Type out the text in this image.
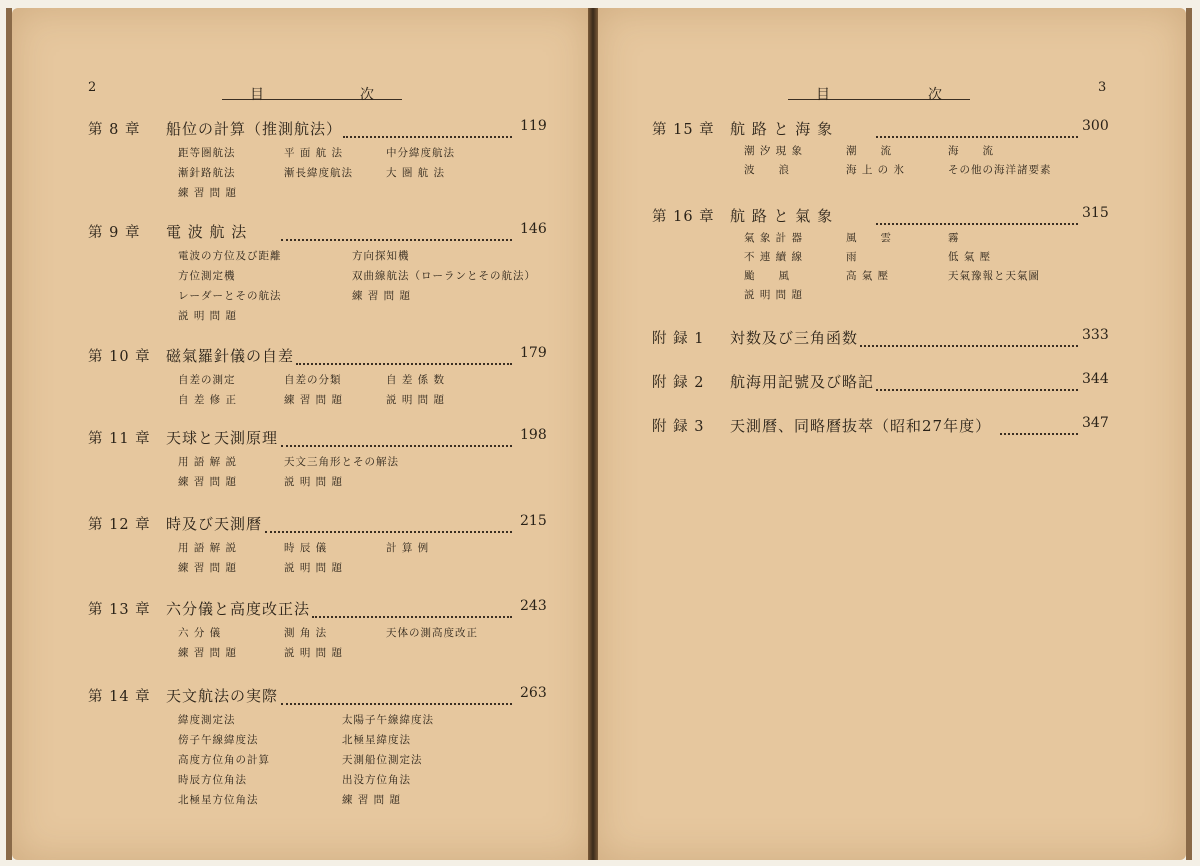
2	目	次	3
目	次
第 8 章 船位の計算（推測航法）	119
距等圏航法	平 面 航 法	中分緯度航法
漸針路航法	漸長緯度航法	大 圏 航 法
練 習 問 題
第 9 章 電 波 航 法	146
電波の方位及び距離	方向探知機
方位測定機	双曲線航法（ローランとその航法）
レーダーとその航法	練 習 問 題
説 明 問 題
第 10 章 磁氣羅針儀の自差	179
自差の測定	自差の分類	自 差 係 数
自 差 修 正	練 習 問 題	説 明 問 題
第 11 章 天球と天測原理	198
用 語 解 説	天文三角形とその解法
練 習 問 題	説 明 問 題
第 12 章 時及び天測曆	215
用 語 解 説	時 辰 儀	計 算 例
練 習 問 題	説 明 問 題
第 13 章 六分儀と高度改正法	243
六 分 儀	測 角 法	天体の測高度改正
練 習 問 題	説 明 問 題
第 14 章 天文航法の実際	263
緯度測定法	太陽子午線緯度法
傍子午線緯度法	北極星緯度法
高度方位角の計算	天測船位測定法
時辰方位角法	出没方位角法
北極星方位角法	練 習 問 題
第 15 章 航 路 と 海 象	300
潮 汐 現 象	潮　　流	海　　流
波　　浪	海 上 の 氷	その他の海洋諸要素
第 16 章 航 路 と 氣 象	315
氣 象 計 器	風　　雲	霧
不 連 續 線	雨	低 氣 壓
颱　　風	高 氣 壓	天氣豫報と天氣圖
説 明 問 題
附 録 1 対数及び三角函数	333
附 録 2 航海用記號及び略記	344
附 録 3 天測曆、同略曆抜萃（昭和27年度）	347
